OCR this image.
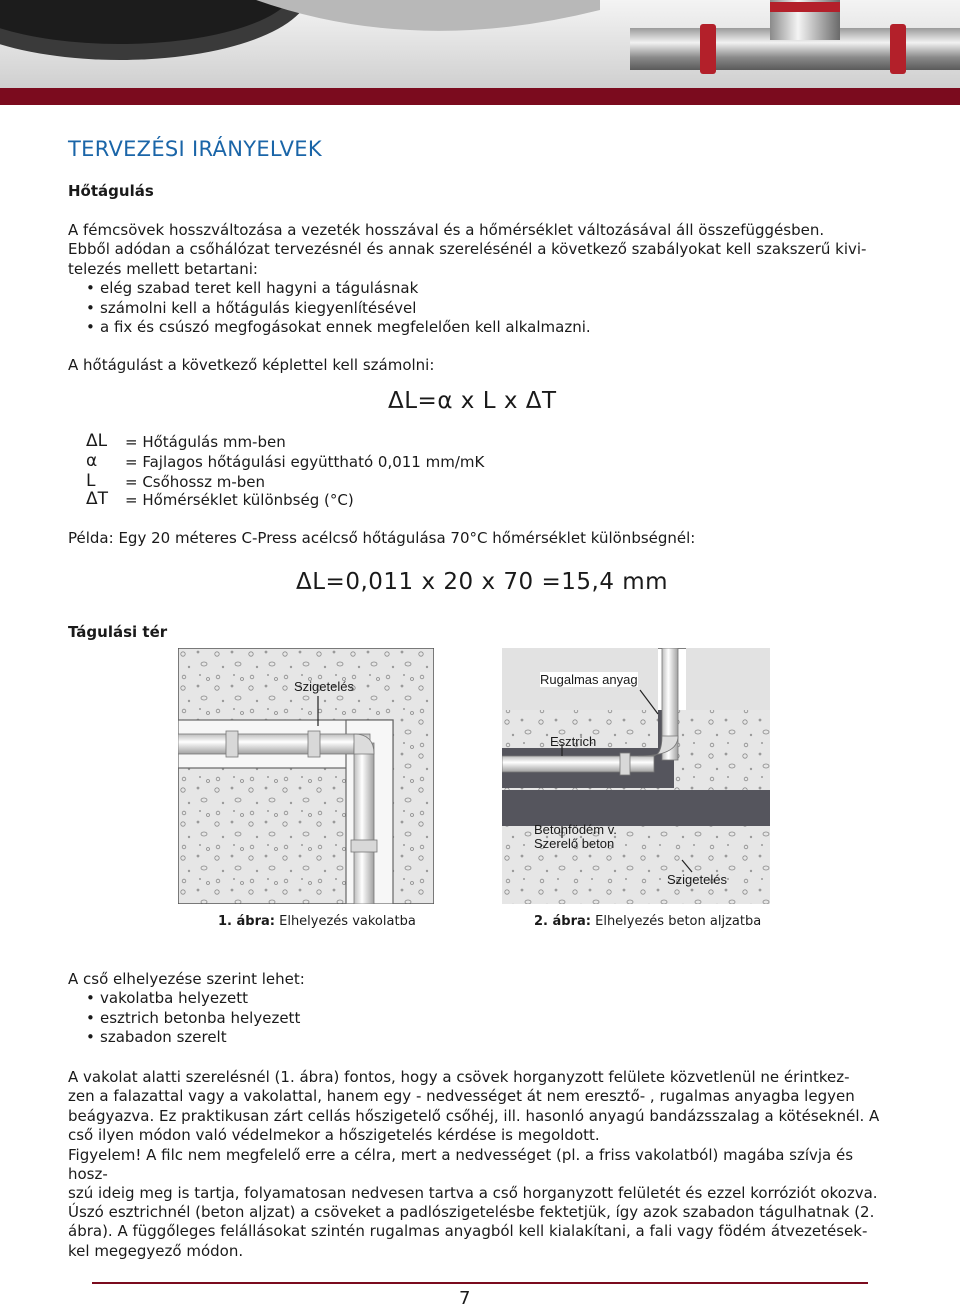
TERVEZÉSI IRÁNYELVEK
Hőtágulás

A fémcsövek hosszváltozása a vezeték hosszával és a hőmérséklet változásával áll összefüggésben.

Ebből adódan a csőhálózat tervezésnél és annak szerelésénél a következő szabályokat kell szakszerű kivi-

telezés mellett betartani:

• elég szabad teret kell hagyni a tágulásnak
• számolni kell a hőtágulás kiegyenlítésével
• a fix és csúszó megfogásokat ennek megfelelően kell alkalmazni.
A hőtágulást a következő képlettel kell számolni:
ΔL=α x L x ΔT
ΔL = Hőtágulás mm-ben
α = Fajlagos hőtágulási együttható 0,011 mm/mK
L = Csőhossz m-ben
ΔT = Hőmérséklet különbség (°C)
Példa: Egy 20 méteres C-Press acélcső hőtágulása 70°C hőmérséklet különbségnél:
ΔL=0,011 x 20 x 70 =15,4 mm
Tágulási tér
Szigetelés	Rugalmas anyag
Esztrich
Betonfödém v.
Szerelő beton
Szigetelés
1. ábra: Elhelyezés vakolatba	2. ábra: Elhelyezés beton aljzatba

A cső elhelyezése szerint lehet:

• vakolatba helyezett
• esztrich betonba helyezett
• szabadon szerelt

A vakolat alatti szerelésnél (1. ábra) fontos, hogy a csövek horganyzott felülete közvetlenül ne érintkez-

zen a falazattal vagy a vakolattal, hanem egy - nedvességet át nem eresztő- , rugalmas anyagba legyen

beágyazva. Ez praktikusan zárt cellás hőszigetelő csőhéj, ill. hasonló anyagú bandázsszalag a kötéseknél. A

cső ilyen módon való védelmekor a hőszigetelés kérdése is megoldott.

Figyelem! A filc nem megfelelő erre a célra, mert a nedvességet (pl. a friss vakolatból) magába szívja és hosz-

szú ideig meg is tartja, folyamatosan nedvesen tartva a cső horganyzott felületét és ezzel korróziót okozva.

Úszó esztrichnél (beton aljzat) a csöveket a padlószigetelésbe fektetjük, így azok szabadon tágulhatnak (2.

ábra). A függőleges felállásokat szintén rugalmas anyagból kell kialakítani, a fali vagy födém átvezetések-

kel megegyező módon.

7
